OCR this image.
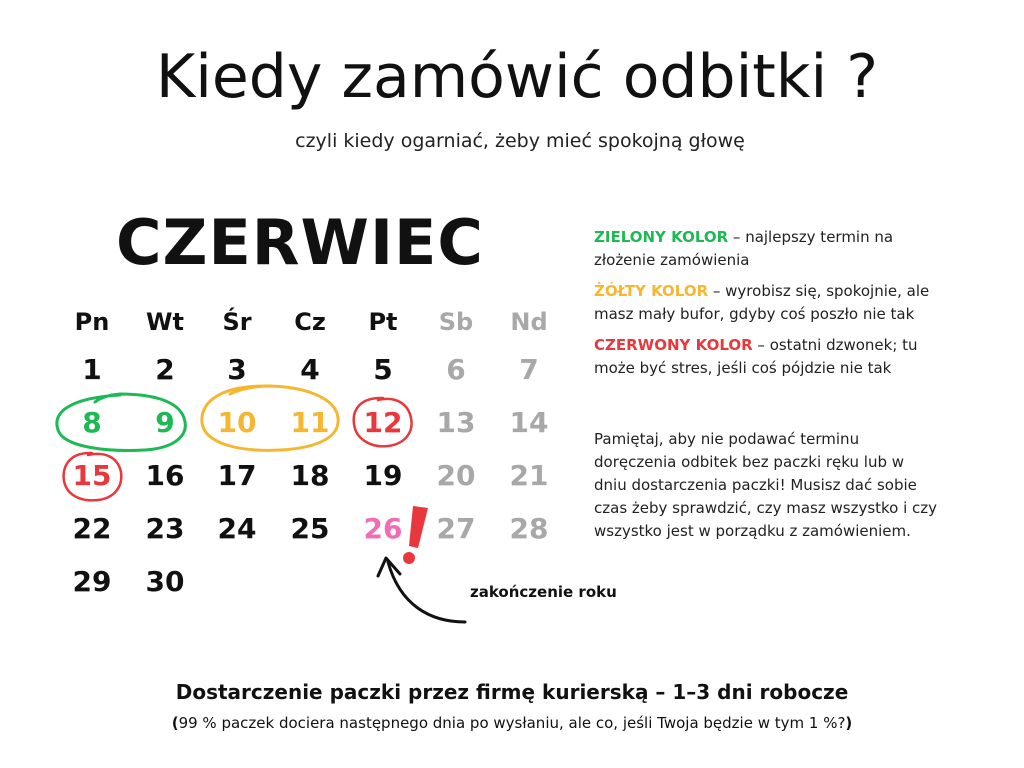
Kiedy zamówić odbitki ?
czyli kiedy ogarniać, żeby mieć spokojną głowę
CZERWIEC
Pn	Wt	Śr	Cz	Pt	Sb	Nd
1	2	3	4	5	6	7
8	9	10	11	12	13	14
15	16	17	18	19	20	21
22	23	24	25	26	27	28
29	30

ZIELONY KOLOR – najlepszy termin na złożenie zamówienia

ŻÓŁTY KOLOR – wyrobisz się, spokojnie, ale masz mały bufor, gdyby coś poszło nie tak

CZERWONY KOLOR – ostatni dzwonek; tu może być stres, jeśli coś pójdzie nie tak

Pamiętaj, aby nie podawać terminu doręczenia odbitek bez paczki ręku lub w dniu dostarczenia paczki! Musisz dać sobie czas żeby sprawdzić, czy masz wszystko i czy wszystko jest w porządku z zamówieniem.
zakończenie roku
Dostarczenie paczki przez firmę kurierską – 1–3 dni robocze
(99 % paczek dociera następnego dnia po wysłaniu, ale co, jeśli Twoja będzie w tym 1 %?)
